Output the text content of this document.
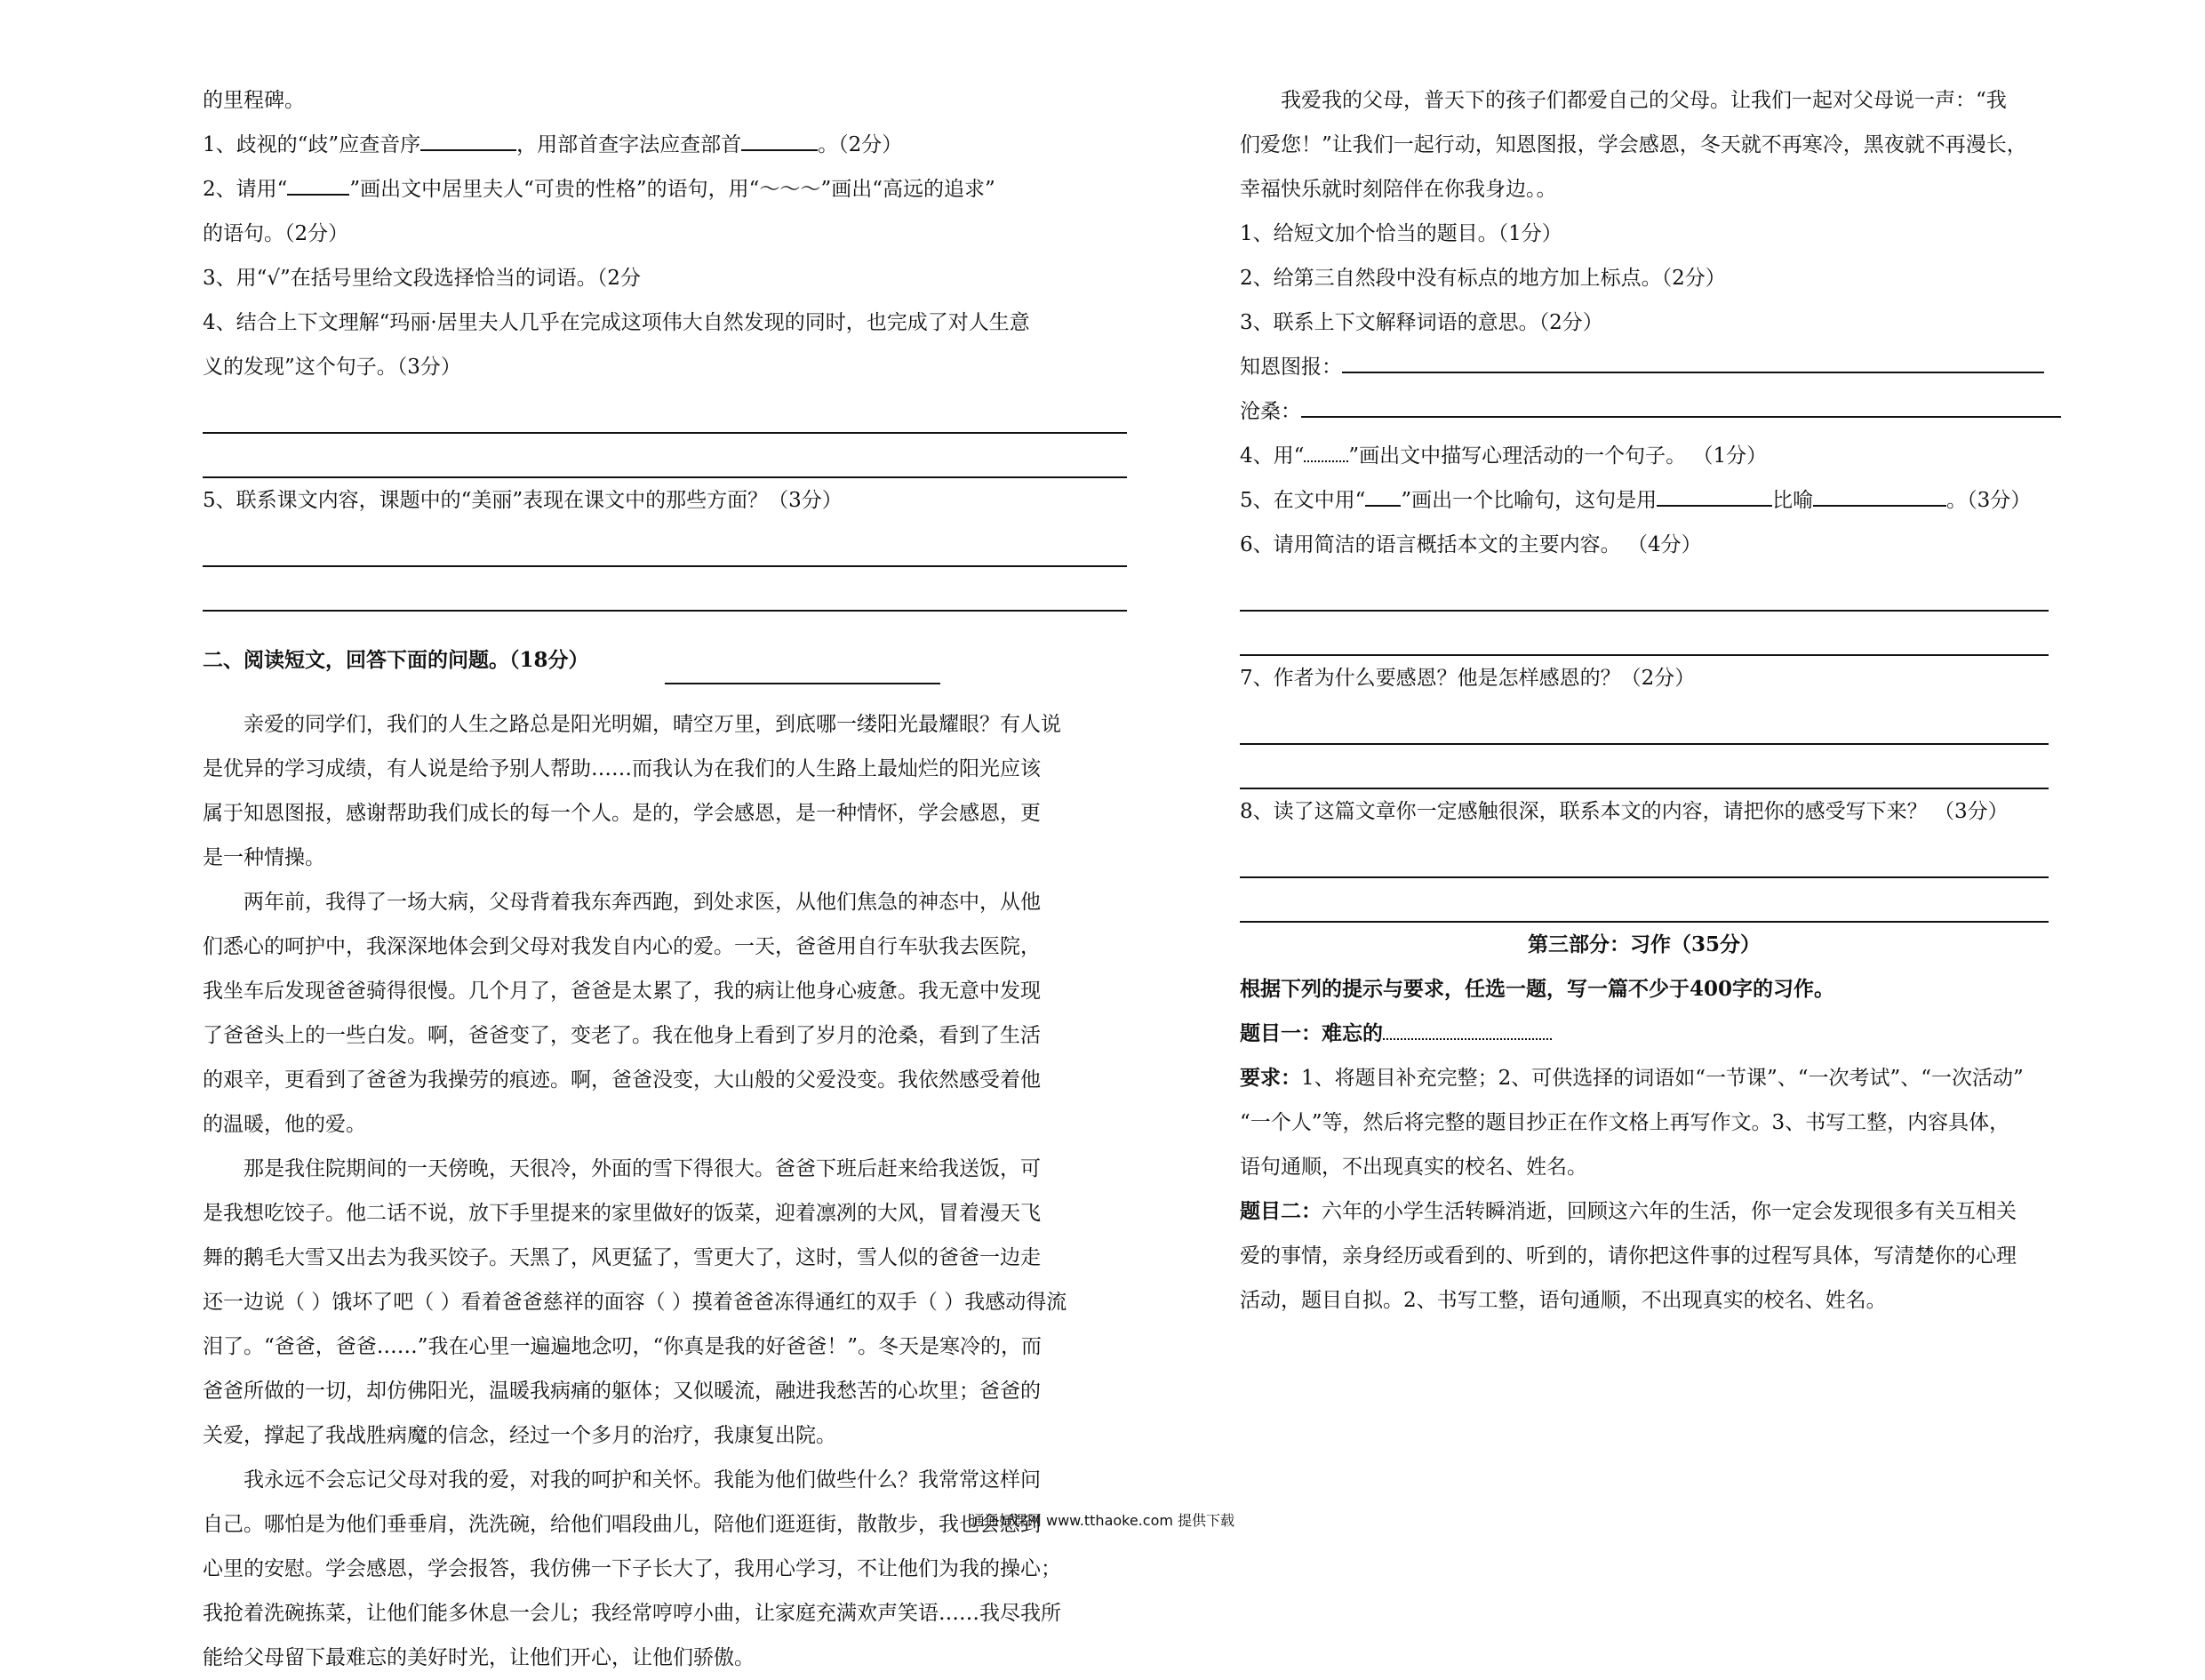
的里程碑。
1、歧视的“歧”应查音序	，用部首查字法应查部首	。（2分）
2、请用“	”画出文中居里夫人“可贵的性格”的语句，用“～～～”画出“高远的追求”
的语句。（2分）
3、用“√”在括号里给文段选择恰当的词语。（2分
4、结合上下文理解“玛丽·居里夫人几乎在完成这项伟大自然发现的同时，也完成了对人生意
义的发现”这个句子。（3分）
5、联系课文内容，课题中的“美丽”表现在课文中的那些方面？（3分）
二、阅读短文，回答下面的问题。（18分）
亲爱的同学们，我们的人生之路总是阳光明媚，晴空万里，到底哪一缕阳光最耀眼？有人说
是优异的学习成绩，有人说是给予别人帮助……而我认为在我们的人生路上最灿烂的阳光应该
属于知恩图报，感谢帮助我们成长的每一个人。是的，学会感恩，是一种情怀，学会感恩，更
是一种情操。
两年前，我得了一场大病，父母背着我东奔西跑，到处求医，从他们焦急的神态中，从他
们悉心的呵护中，我深深地体会到父母对我发自内心的爱。一天，爸爸用自行车驮我去医院，
我坐车后发现爸爸骑得很慢。几个月了，爸爸是太累了，我的病让他身心疲惫。我无意中发现
了爸爸头上的一些白发。啊，爸爸变了，变老了。我在他身上看到了岁月的沧桑，看到了生活
的艰辛，更看到了爸爸为我操劳的痕迹。啊，爸爸没变，大山般的父爱没变。我依然感受着他
的温暖，他的爱。
那是我住院期间的一天傍晚，天很冷，外面的雪下得很大。爸爸下班后赶来给我送饭，可
是我想吃饺子。他二话不说，放下手里提来的家里做好的饭菜，迎着凛冽的大风，冒着漫天飞
舞的鹅毛大雪又出去为我买饺子。天黑了，风更猛了，雪更大了，这时，雪人似的爸爸一边走
还一边说（ ）饿坏了吧（ ）看着爸爸慈祥的面容（ ）摸着爸爸冻得通红的双手（ ）我感动得流
泪了。“爸爸，爸爸……”我在心里一遍遍地念叨，“你真是我的好爸爸！”。冬天是寒冷的，而
爸爸所做的一切，却仿佛阳光，温暖我病痛的躯体；又似暖流，融进我愁苦的心坎里；爸爸的
关爱，撑起了我战胜病魔的信念，经过一个多月的治疗，我康复出院。
我永远不会忘记父母对我的爱，对我的呵护和关怀。我能为他们做些什么？我常常这样问
自己。哪怕是为他们垂垂肩，洗洗碗，给他们唱段曲儿，陪他们逛逛街，散散步，我也会感到
心里的安慰。学会感恩，学会报答，我仿佛一下子长大了，我用心学习，不让他们为我的操心；
我抢着洗碗拣菜，让他们能多休息一会儿；我经常哼哼小曲，让家庭充满欢声笑语……我尽我所
能给父母留下最难忘的美好时光，让他们开心，让他们骄傲。
我爱我的父母，普天下的孩子们都爱自己的父母。让我们一起对父母说一声：“我
们爱您！”让我们一起行动，知恩图报，学会感恩，冬天就不再寒冷，黑夜就不再漫长，
幸福快乐就时刻陪伴在你我身边。。
1、给短文加个恰当的题目。（1分）
2、给第三自然段中没有标点的地方加上标点。（2分）
3、联系上下文解释词语的意思。（2分）
知恩图报：
沧桑：
4、用“ ”画出文中描写心理活动的一个句子。 （1分）
5、在文中用“ ”画出一个比喻句，这句是用	比喻	。（3分）
6、请用简洁的语言概括本文的主要内容。 （4分）
7、作者为什么要感恩？他是怎样感恩的？（2分）
8、读了这篇文章你一定感触很深，联系本文的内容，请把你的感受写下来？ （3分）
第三部分：习作（35分）
根据下列的提示与要求，任选一题，写一篇不少于400字的习作。
题目一：难忘的
要求：1、将题目补充完整；2、可供选择的词语如“一节课”、“一次考试”、“一次活动”
“一个人”等，然后将完整的题目抄正在作文格上再写作文。3、书写工整，内容具体，
语句通顺，不出现真实的校名、姓名。
题目二：六年的小学生活转瞬消逝，回顾这六年的生活，你一定会发现很多有关互相关
爱的事情，亲身经历或看到的、听到的，请你把这件事的过程写具体，写清楚你的心理
活动，题目自拟。2、书写工整，语句通顺，不出现真实的校名、姓名。
通通好课网 www.tthaoke.com 提供下载
